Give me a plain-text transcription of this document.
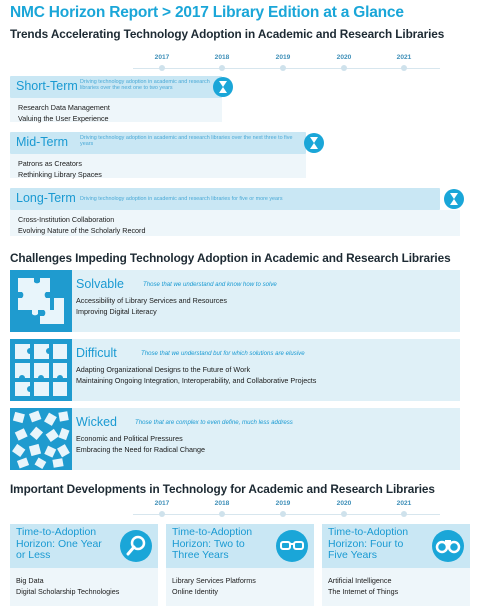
NMC Horizon Report > 2017 Library Edition at a Glance
Trends Accelerating Technology Adoption in Academic and Research Libraries
2017	2018	2019	2020	2021
Short-Term Driving technology adoption in academic and research libraries over the next one to two years
Research Data Management
Valuing the User Experience
Mid-Term Driving technology adoption in academic and research libraries over the next three to five years
Patrons as Creators
Rethinking Library Spaces
Long-Term Driving technology adoption in academic and research libraries for five or more years
Cross-Institution Collaboration
Evolving Nature of the Scholarly Record
Challenges Impeding Technology Adoption in Academic and Research Libraries
Solvable	Those that we understand and know how to solve
Accessibility of Library Services and Resources
Improving Digital Literacy
Difficult	Those that we understand but for which solutions are elusive
Adapting Organizational Designs to the Future of Work
Maintaining Ongoing Integration, Interoperability, and Collaborative Projects
Wicked	Those that are complex to even define, much less address
Economic and Political Pressures
Embracing the Need for Radical Change
Important Developments in Technology for Academic and Research Libraries
2017	2018	2019	2020	2021
Time-to-Adoption
Horizon: One Year
or Less
Big Data
Digital Scholarship Technologies
Time-to-Adoption
Horizon: Two to
Three Years
Library Services Platforms
Online Identity
Time-to-Adoption
Horizon: Four to
Five Years
Artificial Intelligence
The Internet of Things
